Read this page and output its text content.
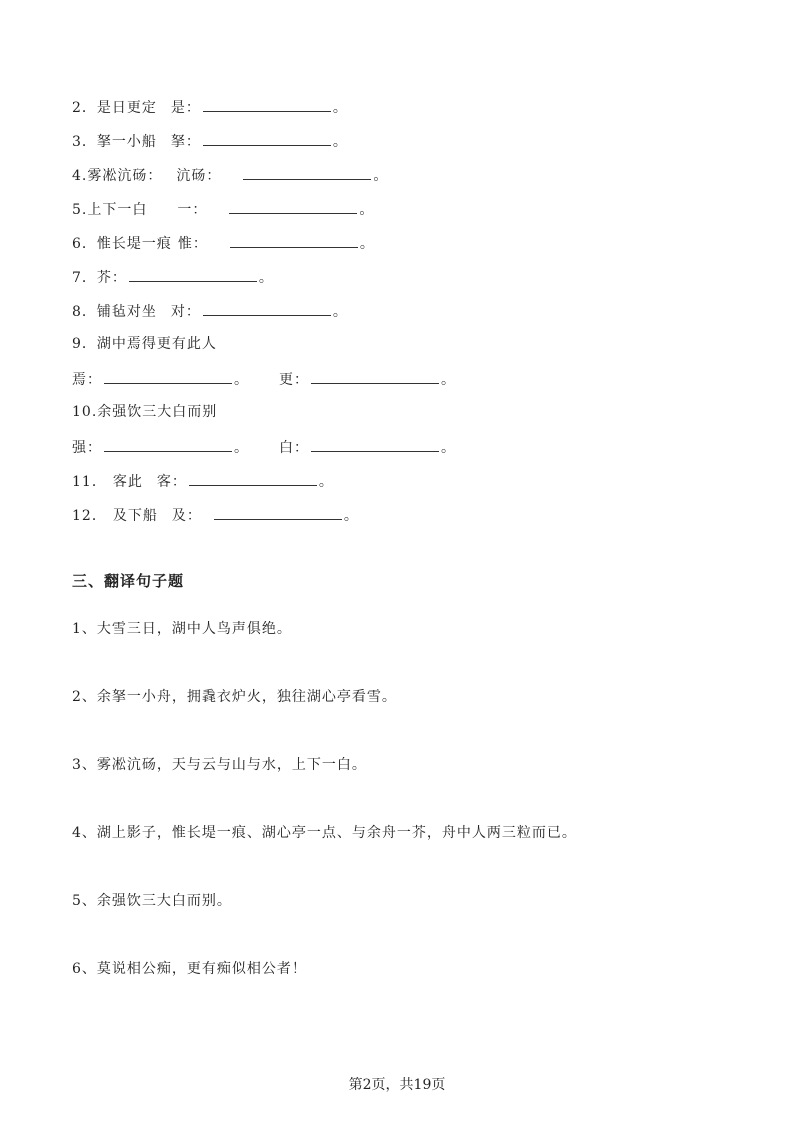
2．是日更定 是：	。
3．拏一小船 拏：	。
4.雾凇沆砀： 沆砀：	。
5.上下一白 一：	。
6．惟长堤一痕 惟：	。
7．芥：	。
8．铺毡对坐 对：	。
9．湖中焉得更有此人
焉：	。 更：	。
10.余强饮三大白而别
强：	。 白：	。
11． 客此 客：	。
12． 及下船 及：	。
三、翻译句子题
1、大雪三日，湖中人鸟声俱绝。
2、余拏一小舟，拥毳衣炉火，独往湖心亭看雪。
3、雾凇沆砀，天与云与山与水，上下一白。
4、湖上影子，惟长堤一痕、湖心亭一点、与余舟一芥，舟中人两三粒而已。
5、余强饮三大白而别。
6、莫说相公痴，更有痴似相公者！
第2页，共19页
